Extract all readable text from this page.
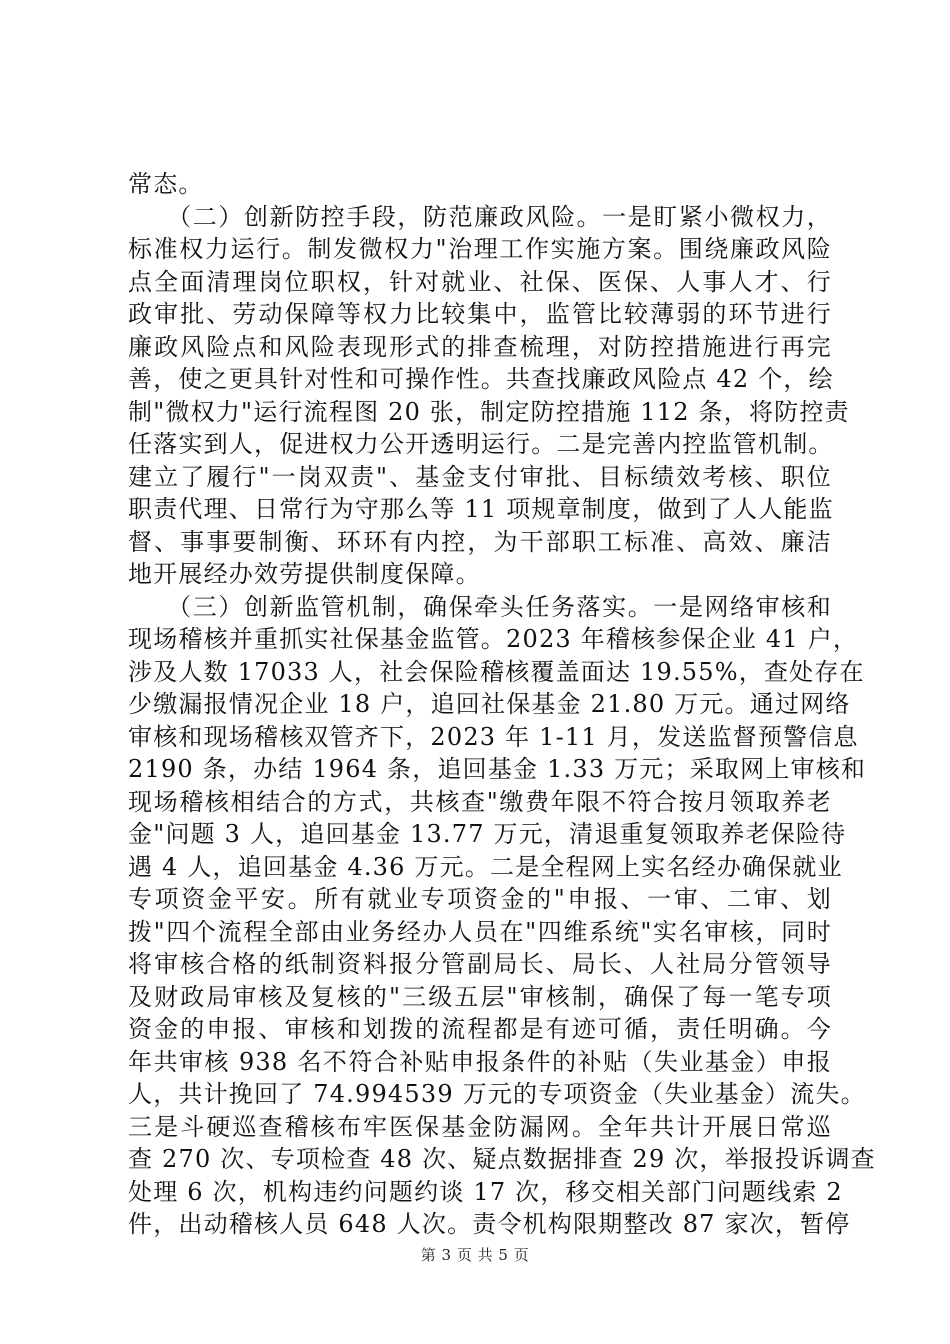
常态。
　　（二）创新防控手段，防范廉政风险。一是盯紧小微权力，
标准权力运行。制发微权力"治理工作实施方案。围绕廉政风险
点全面清理岗位职权，针对就业、社保、医保、人事人才、行
政审批、劳动保障等权力比较集中，监管比较薄弱的环节进行
廉政风险点和风险表现形式的排查梳理，对防控措施进行再完
善，使之更具针对性和可操作性。共查找廉政风险点 42 个，绘
制"微权力"运行流程图 20 张，制定防控措施 112 条，将防控责
任落实到人，促进权力公开透明运行。二是完善内控监管机制。
建立了履行"一岗双责"、基金支付审批、目标绩效考核、职位
职责代理、日常行为守那么等 11 项规章制度，做到了人人能监
督、事事要制衡、环环有内控，为干部职工标准、高效、廉洁
地开展经办效劳提供制度保障。
　　（三）创新监管机制，确保牵头任务落实。一是网络审核和
现场稽核并重抓实社保基金监管。2023 年稽核参保企业 41 户，
涉及人数 17033 人，社会保险稽核覆盖面达 19.55%，查处存在
少缴漏报情况企业 18 户，追回社保基金 21.80 万元。通过网络
审核和现场稽核双管齐下，2023 年 1-11 月，发送监督预警信息
2190 条，办结 1964 条，追回基金 1.33 万元；采取网上审核和
现场稽核相结合的方式，共核查"缴费年限不符合按月领取养老
金"问题 3 人，追回基金 13.77 万元，清退重复领取养老保险待
遇 4 人，追回基金 4.36 万元。二是全程网上实名经办确保就业
专项资金平安。所有就业专项资金的"申报、一审、二审、划
拨"四个流程全部由业务经办人员在"四维系统"实名审核，同时
将审核合格的纸制资料报分管副局长、局长、人社局分管领导
及财政局审核及复核的"三级五层"审核制，确保了每一笔专项
资金的申报、审核和划拨的流程都是有迹可循，责任明确。今
年共审核 938 名不符合补贴申报条件的补贴（失业基金）申报
人，共计挽回了 74.994539 万元的专项资金（失业基金）流失。
三是斗硬巡查稽核布牢医保基金防漏网。全年共计开展日常巡
查 270 次、专项检查 48 次、疑点数据排查 29 次，举报投诉调查
处理 6 次，机构违约问题约谈 17 次，移交相关部门问题线索 2
件，出动稽核人员 648 人次。责令机构限期整改 87 家次，暂停
第 3 页 共 5 页
